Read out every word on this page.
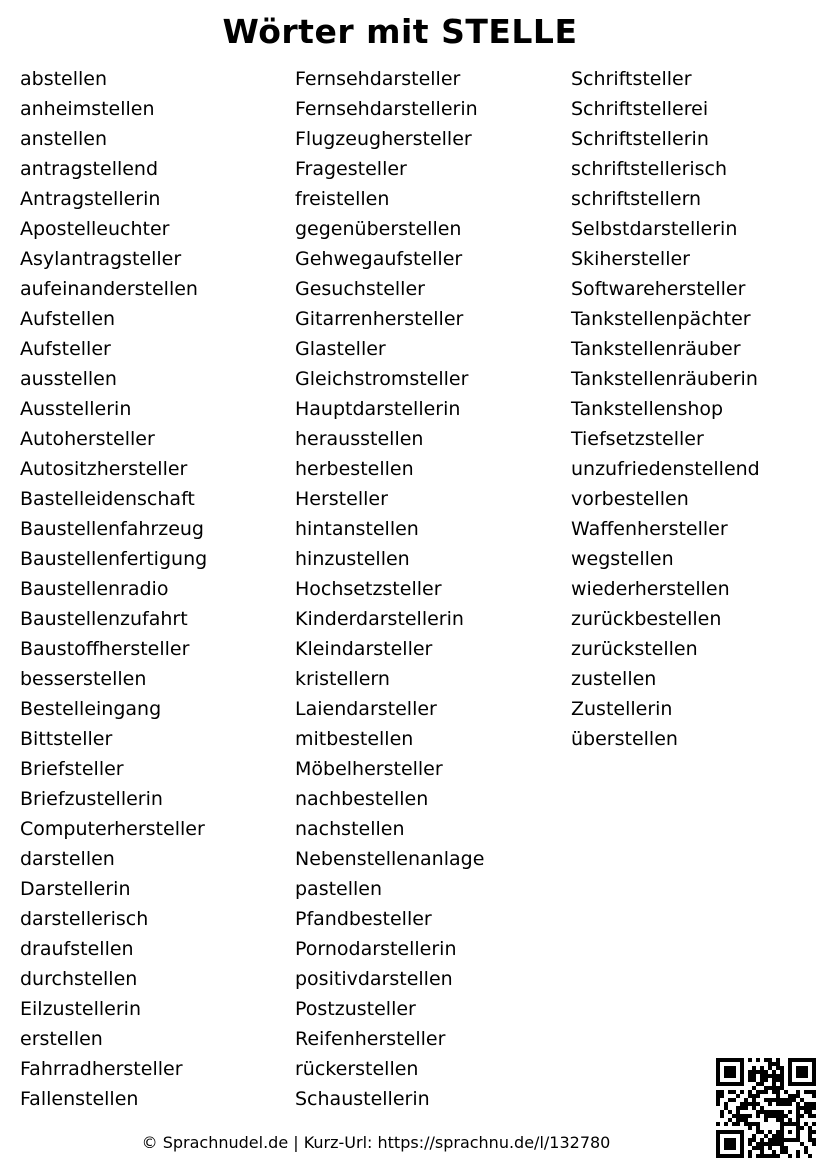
Wörter mit STELLE
abstellen
anheimstellen
anstellen
antragstellend
Antragstellerin
Apostelleuchter
Asylantragsteller
aufeinanderstellen
Aufstellen
Aufsteller
ausstellen
Ausstellerin
Autohersteller
Autositzhersteller
Bastelleidenschaft
Baustellenfahrzeug
Baustellenfertigung
Baustellenradio
Baustellenzufahrt
Baustoffhersteller
besserstellen
Bestelleingang
Bittsteller
Briefsteller
Briefzustellerin
Computerhersteller
darstellen
Darstellerin
darstellerisch
draufstellen
durchstellen
Eilzustellerin
erstellen
Fahrradhersteller
Fallenstellen
Fernsehdarsteller
Fernsehdarstellerin
Flugzeughersteller
Fragesteller
freistellen
gegenüberstellen
Gehwegaufsteller
Gesuchsteller
Gitarrenhersteller
Glasteller
Gleichstromsteller
Hauptdarstellerin
herausstellen
herbestellen
Hersteller
hintanstellen
hinzustellen
Hochsetzsteller
Kinderdarstellerin
Kleindarsteller
kristellern
Laiendarsteller
mitbestellen
Möbelhersteller
nachbestellen
nachstellen
Nebenstellenanlage
pastellen
Pfandbesteller
Pornodarstellerin
positivdarstellen
Postzusteller
Reifenhersteller
rückerstellen
Schaustellerin
Schriftsteller
Schriftstellerei
Schriftstellerin
schriftstellerisch
schriftstellern
Selbstdarstellerin
Skihersteller
Softwarehersteller
Tankstellenpächter
Tankstellenräuber
Tankstellenräuberin
Tankstellenshop
Tiefsetzsteller
unzufriedenstellend
vorbestellen
Waffenhersteller
wegstellen
wiederherstellen
zurückbestellen
zurückstellen
zustellen
Zustellerin
überstellen
© Sprachnudel.de | Kurz-Url: https://sprachnu.de/l/132780
